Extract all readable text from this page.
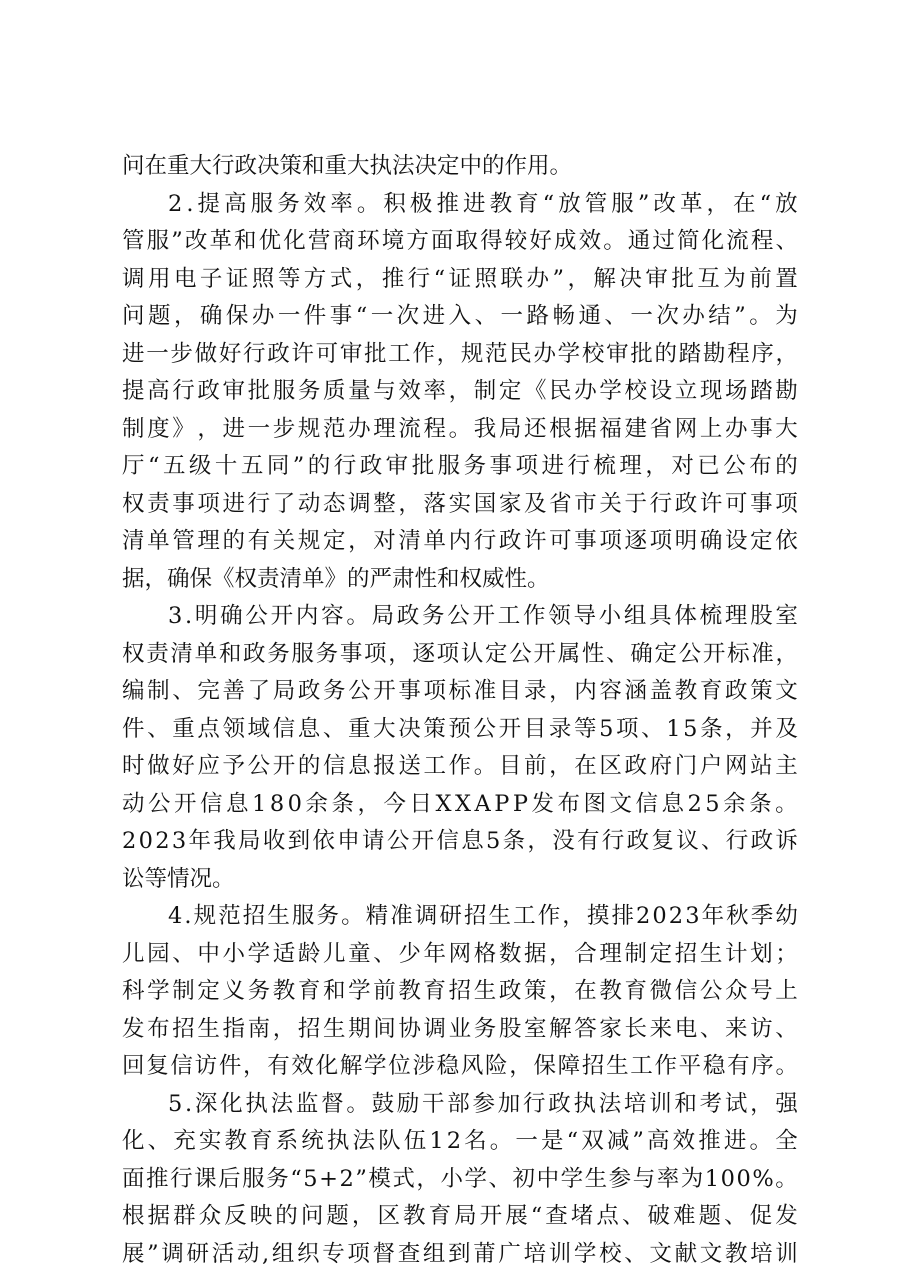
问在重大行政决策和重大执法决定中的作用。
2 . 提 高 服 务 效 率 。 积 极 推 进 教 育 “ 放 管 服 ” 改 革 ， 在 “ 放
管 服 ” 改 革 和 优 化 营 商 环 境 方 面 取 得 较 好 成 效 。 通 过 简 化 流 程 、
调 用 电 子 证 照 等 方 式 ， 推 行 “ 证 照 联 办 ” ， 解 决 审 批 互 为 前 置
问 题 ， 确 保 办 一 件 事 “ 一 次 进 入 、 一 路 畅 通 、 一 次 办 结 ” 。 为
进 一 步 做 好 行 政 许 可 审 批 工 作 ， 规 范 民 办 学 校 审 批 的 踏 勘 程 序 ，
提 高 行 政 审 批 服 务 质 量 与 效 率 ， 制 定 《 民 办 学 校 设 立 现 场 踏 勘
制 度 》 ， 进 一 步 规 范 办 理 流 程 。 我 局 还 根 据 福 建 省 网 上 办 事 大
厅 “ 五 级 十 五 同 ” 的 行 政 审 批 服 务 事 项 进 行 梳 理 ， 对 已 公 布 的
权 责 事 项 进 行 了 动 态 调 整 ， 落 实 国 家 及 省 市 关 于 行 政 许 可 事 项
清 单 管 理 的 有 关 规 定 ， 对 清 单 内 行 政 许 可 事 项 逐 项 明 确 设 定 依
据，确保《权责清单》的严肃性和权威性。
3 . 明 确 公 开 内 容 。 局 政 务 公 开 工 作 领 导 小 组 具 体 梳 理 股 室
权 责 清 单 和 政 务 服 务 事 项 ， 逐 项 认 定 公 开 属 性 、 确 定 公 开 标 准 ，
编 制 、 完 善 了 局 政 务 公 开 事 项 标 准 目 录 ， 内 容 涵 盖 教 育 政 策 文
件 、 重 点 领 域 信 息 、 重 大 决 策 预 公 开 目 录 等 5 项 、 1 5 条 ， 并 及
时 做 好 应 予 公 开 的 信 息 报 送 工 作 。 目 前 ， 在 区 政 府 门 户 网 站 主
动 公 开 信 息 1 8 0 余 条 ， 今 日 X X A P P 发 布 图 文 信 息 2 5 余 条 。
2 0 2 3 年 我 局 收 到 依 申 请 公 开 信 息 5 条 ， 没 有 行 政 复 议 、 行 政 诉
讼等情况。
4 . 规 范 招 生 服 务 。 精 准 调 研 招 生 工 作 ， 摸 排 2 0 2 3 年 秋 季 幼
儿 园 、 中 小 学 适 龄 儿 童 、 少 年 网 格 数 据 ， 合 理 制 定 招 生 计 划 ；
科 学 制 定 义 务 教 育 和 学 前 教 育 招 生 政 策 ， 在 教 育 微 信 公 众 号 上
发 布 招 生 指 南 ， 招 生 期 间 协 调 业 务 股 室 解 答 家 长 来 电 、 来 访 、
回 复 信 访 件 ， 有 效 化 解 学 位 涉 稳 风 险 ， 保 障 招 生 工 作 平 稳 有 序 。
5 . 深 化 执 法 监 督 。 鼓 励 干 部 参 加 行 政 执 法 培 训 和 考 试 ， 强
化 、 充 实 教 育 系 统 执 法 队 伍 1 2 名 。 一 是 “ 双 减 ” 高 效 推 进 。 全
面 推 行 课 后 服 务 “ 5 + 2 ” 模 式 ， 小 学 、 初 中 学 生 参 与 率 为 1 0 0 % 。
根 据 群 众 反 映 的 问 题 ， 区 教 育 局 开 展 “ 查 堵 点 、 破 难 题 、 促 发
展 ” 调 研 活 动 , 组 织 专 项 督 查 组 到 莆 广 培 训 学 校 、 文 献 文 教 培 训
